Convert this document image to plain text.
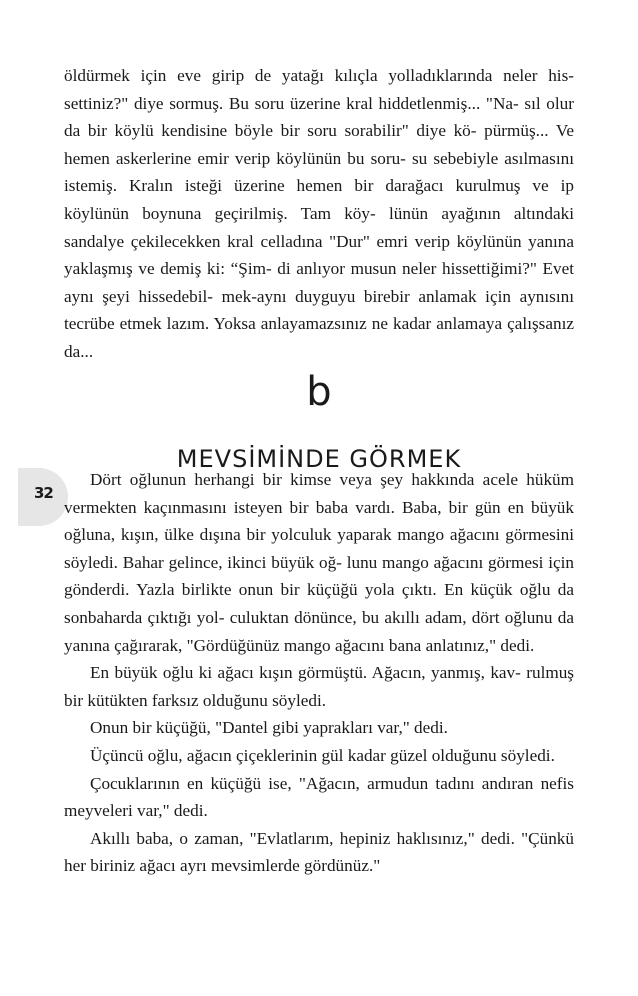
32

öldürmek için eve girip de yatağı kılıçla yolladıklarında neler his- settiniz?" diye sormuş. Bu soru üzerine kral hiddetlenmiş... "Na- sıl olur da bir köylü kendisine böyle bir soru sorabilir" diye kö- pürmüş... Ve hemen askerlerine emir verip köylünün bu soru- su sebebiyle asılmasını istemiş. Kralın isteği üzerine hemen bir darağacı kurulmuş ve ip köylünün boynuna geçirilmiş. Tam köy- lünün ayağının altındaki sandalye çekilecekken kral celladına "Dur" emri verip köylünün yanına yaklaşmış ve demiş ki: “Şim- di anlıyor musun neler hissettiğimi?" Evet aynı şeyi hissedebil- mek-aynı duyguyu birebir anlamak için aynısını tecrübe etmek lazım. Yoksa anlayamazsınız ne kadar anlamaya çalışsanız da...

b
MEVSİMİNDE GÖRMEK

Dört oğlunun herhangi bir kimse veya şey hakkında acele hüküm vermekten kaçınmasını isteyen bir baba vardı. Baba, bir gün en büyük oğluna, kışın, ülke dışına bir yolculuk yaparak mango ağacını görmesini söyledi. Bahar gelince, ikinci büyük oğ- lunu mango ağacını görmesi için gönderdi. Yazla birlikte onun bir küçüğü yola çıktı. En küçük oğlu da sonbaharda çıktığı yol- culuktan dönünce, bu akıllı adam, dört oğlunu da yanına çağırarak, "Gördüğünüz mango ağacını bana anlatınız," dedi.

En büyük oğlu ki ağacı kışın görmüştü. Ağacın, yanmış, kav- rulmuş bir kütükten farksız olduğunu söyledi.

Onun bir küçüğü, "Dantel gibi yaprakları var," dedi.

Üçüncü oğlu, ağacın çiçeklerinin gül kadar güzel olduğunu söyledi.

Çocuklarının en küçüğü ise, "Ağacın, armudun tadını andıran nefis meyveleri var," dedi.

Akıllı baba, o zaman, "Evlatlarım, hepiniz haklısınız," dedi. "Çünkü her biriniz ağacı ayrı mevsimlerde gördünüz."
